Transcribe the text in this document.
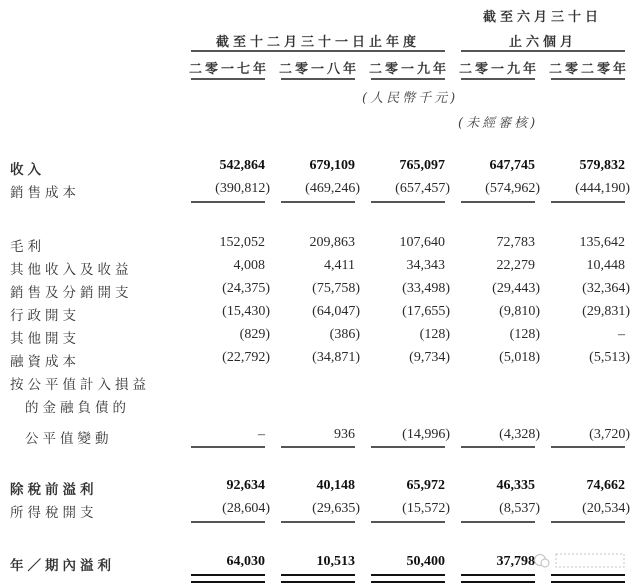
截至六月三十日
截至十二月三十一日止年度	止六個月
二零一七年 二零一八年 二零一九年 二零一九年 二零二零年
(人民幣千元)
(未經審核)
收入	542,864	679,109	765,097	647,745	579,832
銷售成本	(390,812)	(469,246)	(657,457)	(574,962)	(444,190)
毛利	152,052	209,863	107,640	72,783	135,642
其他收入及收益	4,008	4,411	34,343	22,279	10,448
銷售及分銷開支	(24,375)	(75,758)	(33,498)	(29,443)	(32,364)
行政開支	(15,430)	(64,047)	(17,655)	(9,810)	(29,831)
其他開支	(829)	(386)	(128)	(128)	–
融資成本	(22,792)	(34,871)	(9,734)	(5,018)	(5,513)
按公平值計入損益
的金融負債的
公平值變動	–	936	(14,996)	(4,328)	(3,720)
除稅前溢利	92,634	40,148	65,972	46,335	74,662
所得稅開支	(28,604)	(29,635)	(15,572)	(8,537)	(20,534)
年／期內溢利	64,030	10,513	50,400	37,798
